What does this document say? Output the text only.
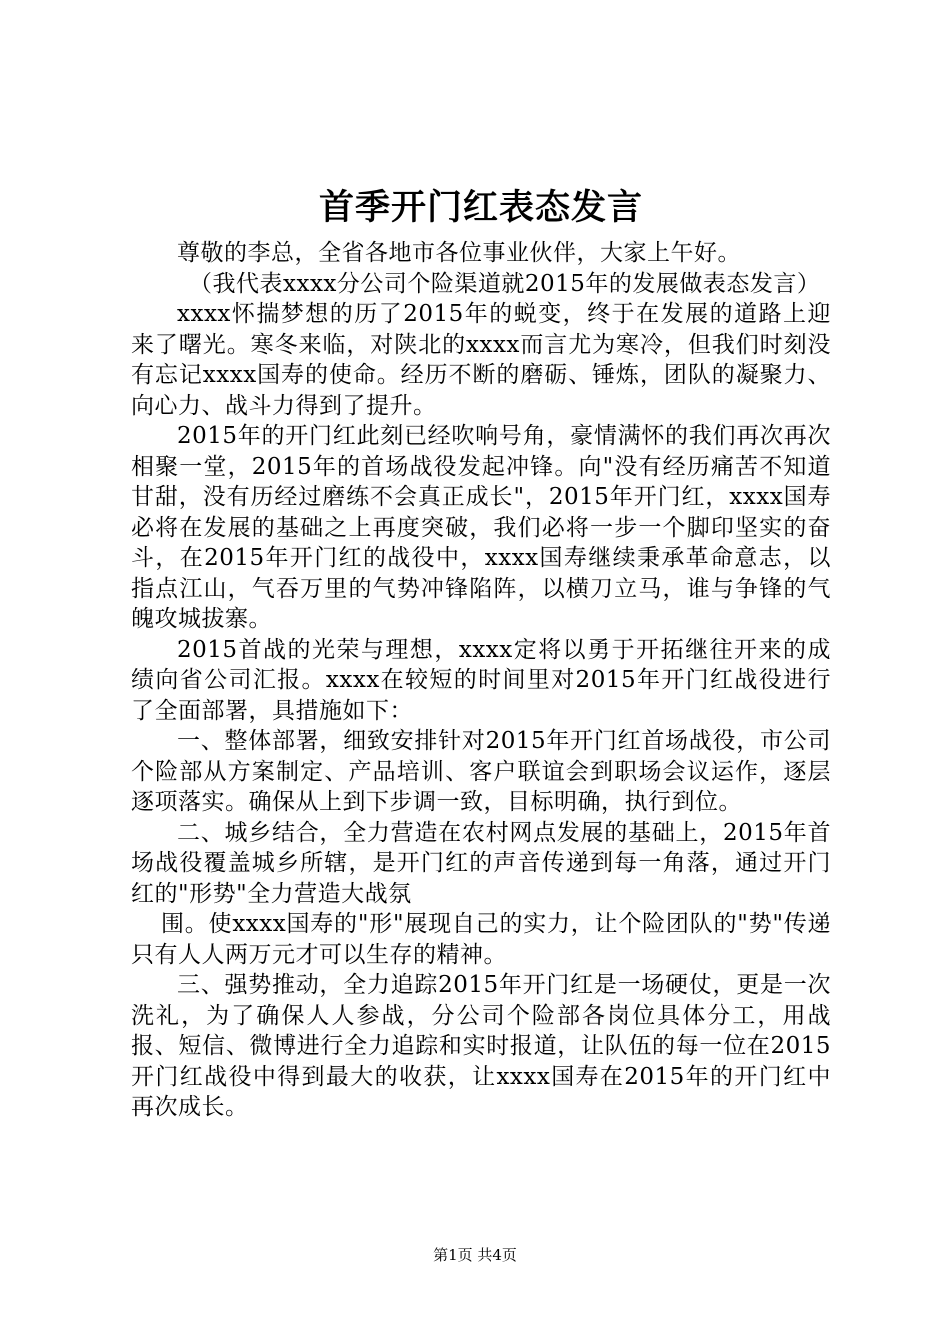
首季开门红表态发言

尊敬的李总，全省各地市各位事业伙伴，大家上午好。

（我代表xxxx分公司个险渠道就2015年的发展做表态发言）

xxxx怀揣梦想的历了2015年的蜕变，终于在发展的道路上迎来了曙光。寒冬来临，对陕北的xxxx而言尤为寒冷，但我们时刻没有忘记xxxx国寿的使命。经历不断的磨砺、锤炼，团队的凝聚力、向心力、战斗力得到了提升。

2015年的开门红此刻已经吹响号角，豪情满怀的我们再次再次相聚一堂，2015年的首场战役发起冲锋。向"没有经历痛苦不知道甘甜，没有历经过磨练不会真正成长"，2015年开门红，xxxx国寿必将在发展的基础之上再度突破，我们必将一步一个脚印坚实的奋斗，在2015年开门红的战役中，xxxx国寿继续秉承革命意志，以指点江山，气吞万里的气势冲锋陷阵，以横刀立马，谁与争锋的气魄攻城拔寨。

2015首战的光荣与理想，xxxx定将以勇于开拓继往开来的成绩向省公司汇报。xxxx在较短的时间里对2015年开门红战役进行了全面部署，具措施如下：

一、整体部署，细致安排针对2015年开门红首场战役，市公司个险部从方案制定、产品培训、客户联谊会到职场会议运作，逐层逐项落实。确保从上到下步调一致，目标明确，执行到位。

二、城乡结合，全力营造在农村网点发展的基础上，2015年首场战役覆盖城乡所辖，是开门红的声音传递到每一角落，通过开门红的"形势"全力营造大战氛

围。使xxxx国寿的"形"展现自己的实力，让个险团队的"势"传递只有人人两万元才可以生存的精神。

三、强势推动，全力追踪2015年开门红是一场硬仗，更是一次洗礼，为了确保人人参战，分公司个险部各岗位具体分工，用战报、短信、微博进行全力追踪和实时报道，让队伍的每一位在2015开门红战役中得到最大的收获，让xxxx国寿在2015年的开门红中再次成长。

第1页 共4页
